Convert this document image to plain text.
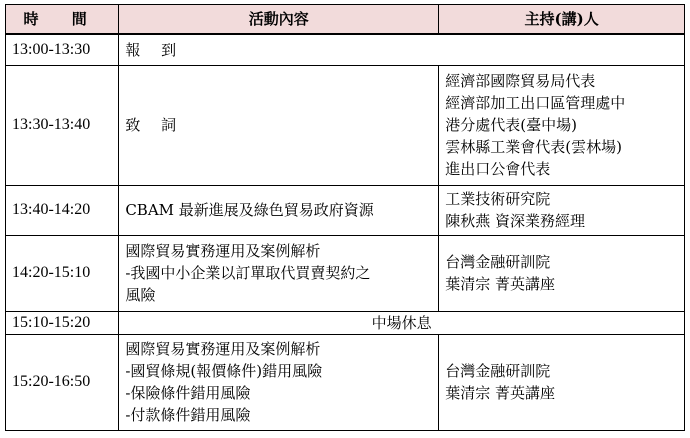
時 間	活動內容	主持(講)人
13:00-13:30	報 到	

13:30-13:40	致 詞	經濟部國際貿易局代表
經濟部加工出口區管理處中
港分處代表(臺中場)
雲林縣工業會代表(雲林場)
進出口公會代表

13:40-14:20	CBAM 最新進展及綠色貿易政府資源	工業技術研究院
陳秋燕 資深業務經理

14:20-15:10	國際貿易實務運用及案例解析
-我國中小企業以訂單取代買賣契約之
風險	台灣金融研訓院
葉清宗 菁英講座

15:10-15:20	中場休息	
15:20-16:50	國際貿易實務運用及案例解析
-國貿條規(報價條件)錯用風險
-保險條件錯用風險
-付款條件錯用風險	台灣金融研訓院
葉清宗 菁英講座
